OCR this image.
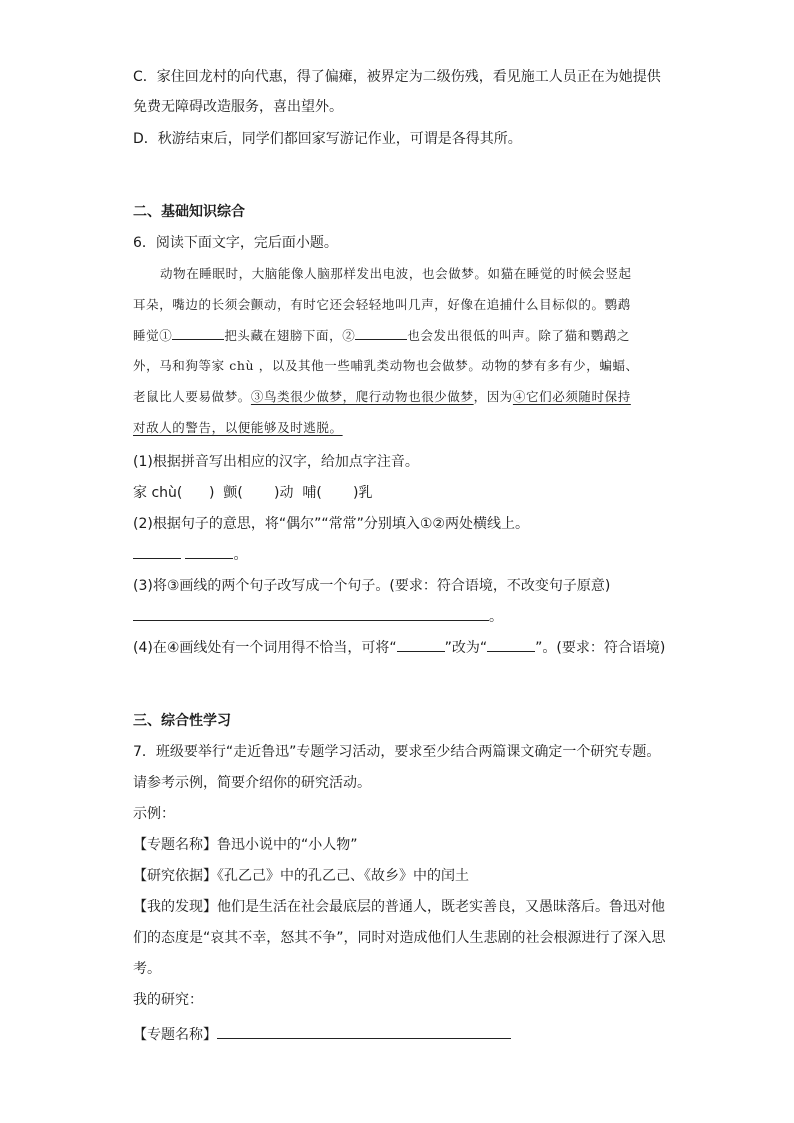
C．家住回龙村的向代惠，得了偏瘫，被界定为二级伤残，看见施工人员正在为她提供
免费无障碍改造服务，喜出望外。
D．秋游结束后，同学们都回家写游记作业，可谓是各得其所。
二、基础知识综合
6．阅读下面文字，完后面小题。
动物在睡眠时，大脑能像人脑那样发出电波，也会做梦。如猫在睡觉的时候会竖起
耳朵，嘴边的长须会颤动，有时它还会轻轻地叫几声，好像在追捕什么目标似的。鹦鹉
睡觉①	把头藏在翅膀下面，②	也会发出很低的叫声。除了猫和鹦鹉之
外，马和狗等家 chù ，以及其他一些哺乳类动物也会做梦。动物的梦有多有少，蝙蝠、
老鼠比人要易做梦。③鸟类很少做梦，爬行动物也很少做梦，因为④它们必须随时保持
对敌人的警告，以便能够及时逃脱。
(1)根据拼音写出相应的汉字，给加点字注音。
家 chù(      )  颤(       )动  哺(       )乳
(2)根据句子的意思，将“偶尔”“常常”分别填入①②两处横线上。
。
(3)将③画线的两个句子改写成一个句子。(要求：符合语境，不改变句子原意)
。
(4)在④画线处有一个词用得不恰当，可将“	”改为“	”。(要求：符合语境)
三、综合性学习
7．班级要举行“走近鲁迅”专题学习活动，要求至少结合两篇课文确定一个研究专题。
请参考示例，简要介绍你的研究活动。
示例：
【专题名称】鲁迅小说中的“小人物”
【研究依据】《孔乙己》中的孔乙己、《故乡》中的闰土
【我的发现】他们是生活在社会最底层的普通人，既老实善良，又愚昧落后。鲁迅对他
们的态度是“哀其不幸，怒其不争”，同时对造成他们人生悲剧的社会根源进行了深入思
考。
我的研究：
【专题名称】
